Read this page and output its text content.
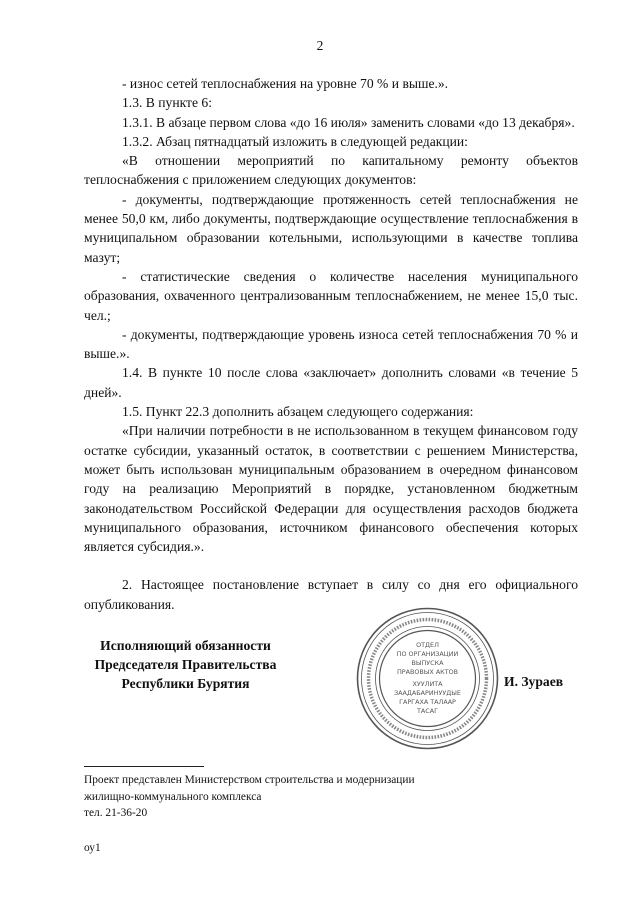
2

- износ сетей теплоснабжения на уровне 70 % и выше.».

1.3. В пункте 6:

1.3.1. В абзаце первом слова «до 16 июля» заменить словами «до 13 декабря».

1.3.2. Абзац пятнадцатый изложить в следующей редакции:

«В отношении мероприятий по капитальному ремонту объектов теплоснабжения с приложением следующих документов:

- документы, подтверждающие протяженность сетей теплоснабжения не менее 50,0 км, либо документы, подтверждающие осуществление теплоснабжения в муниципальном образовании котельными, использующими в качестве топлива мазут;

- статистические сведения о количестве населения муниципального образования, охваченного централизованным теплоснабжением, не менее 15,0 тыс. чел.;

- документы, подтверждающие уровень износа сетей теплоснабжения 70 % и выше.».

1.4. В пункте 10 после слова «заключает» дополнить словами «в течение 5 дней».

1.5. Пункт 22.3 дополнить абзацем следующего содержания:

«При наличии потребности в не использованном в текущем финансовом году остатке субсидии, указанный остаток, в соответствии с решением Министерства, может быть использован муниципальным образованием в очередном финансовом году на реализацию Мероприятий в порядке, установленном бюджетным законодательством Российской Федерации для осуществления расходов бюджета муниципального образования, источником финансового обеспечения которых является субсидия.».

2. Настоящее постановление вступает в силу со дня его официального опубликования.

Исполняющий обязанности
Председателя Правительства
Республики Бурятия
ОТДЕЛ
ПО ОРГАНИЗАЦИИ
ВЫПУСКА
ПРАВОВЫХ АКТОВ
ХУУЛИТА
ЗААДАБАРИНУУДЫЕ
ГАРГАХА ТАЛААР
ТАСАГ
И. Зураев
Проект представлен Министерством строительства и модернизации
жилищно-коммунального комплекса
тел. 21-36-20
оу1
